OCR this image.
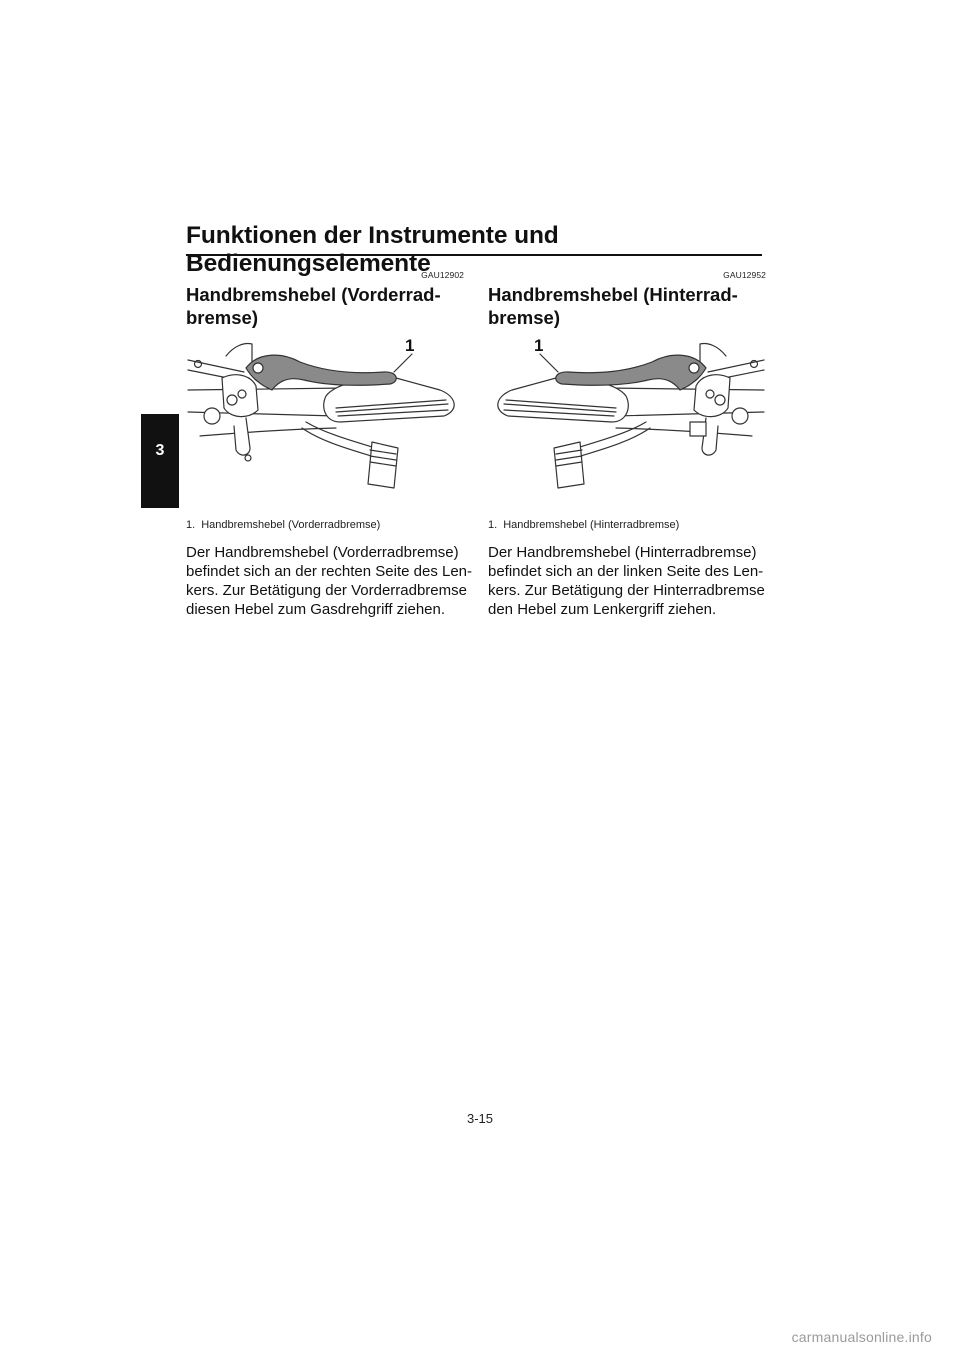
Funktionen der Instrumente und Bedienungselemente
3
GAU12902
Handbremshebel (Vorderrad-
bremse)
1
1. Handbremshebel (Vorderradbremse)
Der Handbremshebel (Vorderradbremse)
befindet sich an der rechten Seite des Len-
kers. Zur Betätigung der Vorderradbremse
diesen Hebel zum Gasdrehgriff ziehen.
GAU12952
Handbremshebel (Hinterrad-
bremse)
1
1. Handbremshebel (Hinterradbremse)
Der Handbremshebel (Hinterradbremse)
befindet sich an der linken Seite des Len-
kers. Zur Betätigung der Hinterradbremse
den Hebel zum Lenkergriff ziehen.
3-15
carmanualsonline.info
